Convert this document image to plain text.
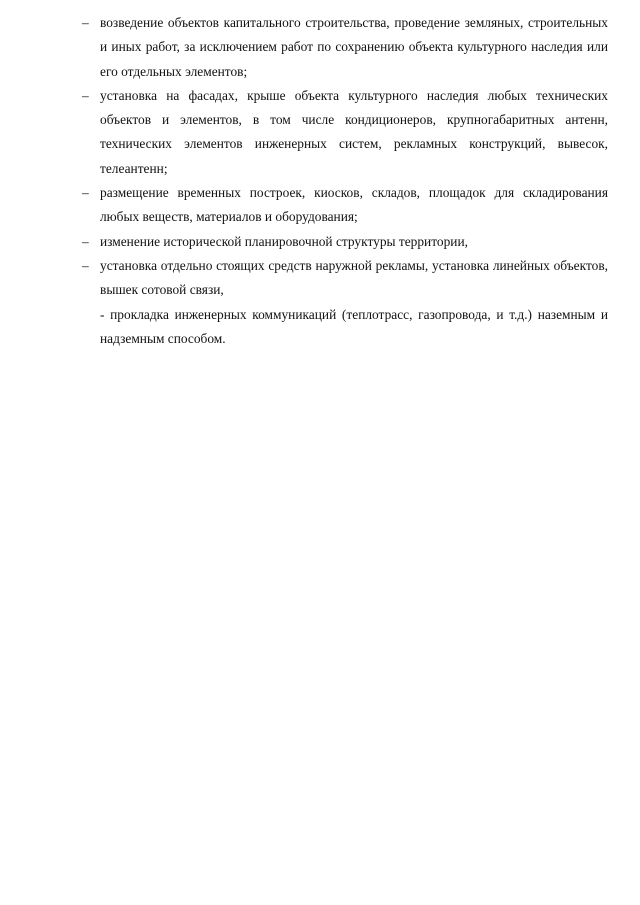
– возведение объектов капитального строительства, проведение земляных, строительных и иных работ, за исключением работ по сохранению объекта культурного наследия или его отдельных элементов;
– установка на фасадах, крыше объекта культурного наследия любых технических объектов и элементов, в том числе кондиционеров, крупногабаритных антенн, технических элементов инженерных систем, рекламных конструкций, вывесок, телеантенн;
– размещение временных построек, киосков, складов, площадок для складирования любых веществ, материалов и оборудования;
– изменение исторической планировочной структуры территории,
– установка отдельно стоящих средств наружной рекламы, установка линейных объектов, вышек сотовой связи,
- прокладка инженерных коммуникаций (теплотрасс, газопровода, и т.д.) наземным и надземным способом.
